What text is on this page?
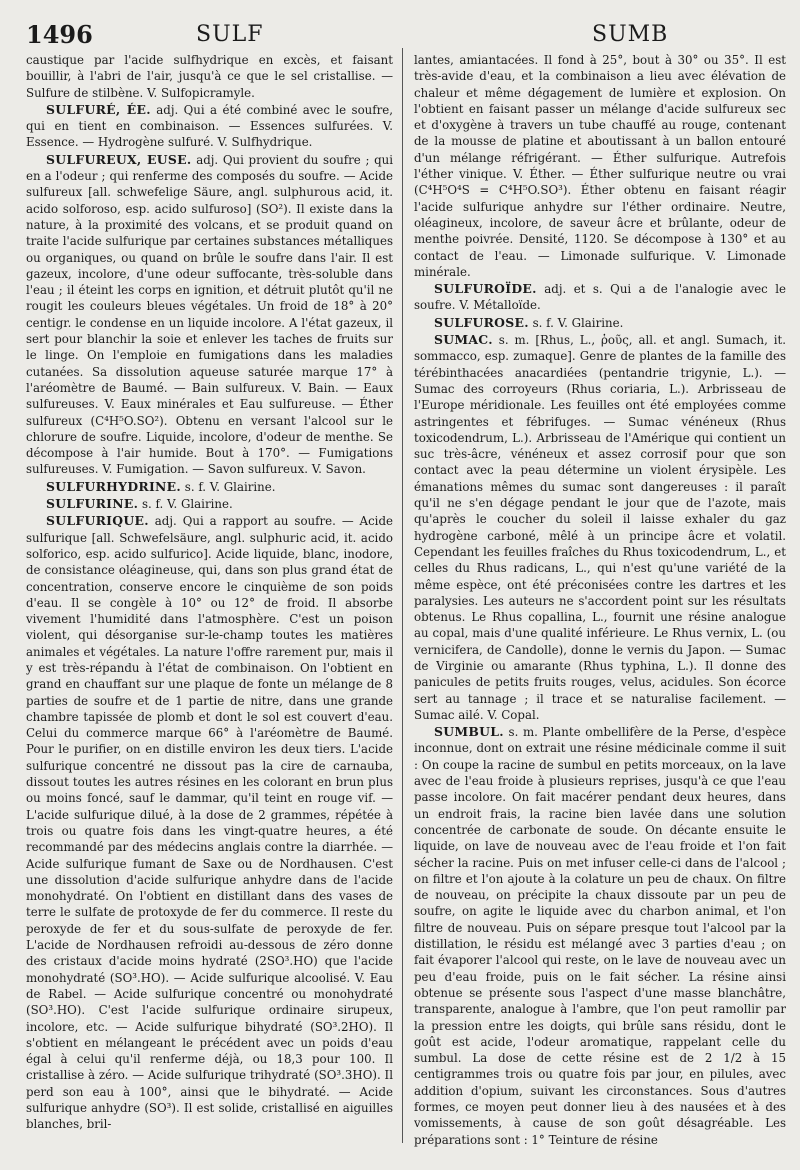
1496	SULF	SUMB

caustique par l'acide sulfhydrique en excès, et faisant bouillir, à l'abri de l'air, jusqu'à ce que le sel cristallise. — Sulfure de stilbène. V. Sulfopicramyle.

SULFURÉ, ÉE. adj. Qui a été combiné avec le soufre, qui en tient en combinaison. — Essences sulfurées. V. Essence. — Hydrogène sulfuré. V. Sulfhydrique.

SULFUREUX, EUSE. adj. Qui provient du soufre ; qui en a l'odeur ; qui renferme des composés du soufre. — Acide sulfureux [all. schwefelige Säure, angl. sulphurous acid, it. acido solforoso, esp. acido sulfuroso] (SO²). Il existe dans la nature, à la proximité des volcans, et se produit quand on traite l'acide sulfurique par certaines substances métalliques ou organiques, ou quand on brûle le soufre dans l'air. Il est gazeux, incolore, d'une odeur suffocante, très-soluble dans l'eau ; il éteint les corps en ignition, et détruit plutôt qu'il ne rougit les couleurs bleues végétales. Un froid de 18° à 20° centigr. le condense en un liquide incolore. A l'état gazeux, il sert pour blanchir la soie et enlever les taches de fruits sur le linge. On l'emploie en fumigations dans les maladies cutanées. Sa dissolution aqueuse saturée marque 17° à l'aréomètre de Baumé. — Bain sulfureux. V. Bain. — Eaux sulfureuses. V. Eaux minérales et Eau sulfureuse. — Éther sulfureux (C⁴H⁵O.SO²). Obtenu en versant l'alcool sur le chlorure de soufre. Liquide, incolore, d'odeur de menthe. Se décompose à l'air humide. Bout à 170°. — Fumigations sulfureuses. V. Fumigation. — Savon sulfureux. V. Savon.

SULFURHYDRINE. s. f. V. Glairine.

SULFURINE. s. f. V. Glairine.

SULFURIQUE. adj. Qui a rapport au soufre. — Acide sulfurique [all. Schwefelsäure, angl. sulphuric acid, it. acido solforico, esp. acido sulfurico]. Acide liquide, blanc, inodore, de consistance oléagineuse, qui, dans son plus grand état de concentration, conserve encore le cinquième de son poids d'eau. Il se congèle à 10° ou 12° de froid. Il absorbe vivement l'humidité dans l'atmosphère. C'est un poison violent, qui désorganise sur-le-champ toutes les matières animales et végétales. La nature l'offre rarement pur, mais il y est très-répandu à l'état de combinaison. On l'obtient en grand en chauffant sur une plaque de fonte un mélange de 8 parties de soufre et de 1 partie de nitre, dans une grande chambre tapissée de plomb et dont le sol est couvert d'eau. Celui du commerce marque 66° à l'aréomètre de Baumé. Pour le purifier, on en distille environ les deux tiers. L'acide sulfurique concentré ne dissout pas la cire de carnauba, dissout toutes les autres résines en les colorant en brun plus ou moins foncé, sauf le dammar, qu'il teint en rouge vif. — L'acide sulfurique dilué, à la dose de 2 grammes, répétée à trois ou quatre fois dans les vingt-quatre heures, a été recommandé par des médecins anglais contre la diarrhée. — Acide sulfurique fumant de Saxe ou de Nordhausen. C'est une dissolution d'acide sulfurique anhydre dans de l'acide monohydraté. On l'obtient en distillant dans des vases de terre le sulfate de protoxyde de fer du commerce. Il reste du peroxyde de fer et du sous-sulfate de peroxyde de fer. L'acide de Nordhausen refroidi au-dessous de zéro donne des cristaux d'acide moins hydraté (2SO³.HO) que l'acide monohydraté (SO³.HO). — Acide sulfurique alcoolisé. V. Eau de Rabel. — Acide sulfurique concentré ou monohydraté (SO³.HO). C'est l'acide sulfurique ordinaire sirupeux, incolore, etc. — Acide sulfurique bihydraté (SO³.2HO). Il s'obtient en mélangeant le précédent avec un poids d'eau égal à celui qu'il renferme déjà, ou 18,3 pour 100. Il cristallise à zéro. — Acide sulfurique trihydraté (SO³.3HO). Il perd son eau à 100°, ainsi que le bihydraté. — Acide sulfurique anhydre (SO³). Il est solide, cristallisé en aiguilles blanches, bril-

lantes, amiantacées. Il fond à 25°, bout à 30° ou 35°. Il est très-avide d'eau, et la combinaison a lieu avec élévation de chaleur et même dégagement de lumière et explosion. On l'obtient en faisant passer un mélange d'acide sulfureux sec et d'oxygène à travers un tube chauffé au rouge, contenant de la mousse de platine et aboutissant à un ballon entouré d'un mélange réfrigérant. — Éther sulfurique. Autrefois l'éther vinique. V. Éther. — Éther sulfurique neutre ou vrai (C⁴H⁵O⁴S = C⁴H⁵O.SO³). Éther obtenu en faisant réagir l'acide sulfurique anhydre sur l'éther ordinaire. Neutre, oléagineux, incolore, de saveur âcre et brûlante, odeur de menthe poivrée. Densité, 1120. Se décompose à 130° et au contact de l'eau. — Limonade sulfurique. V. Limonade minérale.

SULFUROÏDE. adj. et s. Qui a de l'analogie avec le soufre. V. Métalloïde.

SULFUROSE. s. f. V. Glairine.

SUMAC. s. m. [Rhus, L., ῥοῦς, all. et angl. Sumach, it. sommacco, esp. zumaque]. Genre de plantes de la famille des térébinthacées anacardiées (pentandrie trigynie, L.). — Sumac des corroyeurs (Rhus coriaria, L.). Arbrisseau de l'Europe méridionale. Les feuilles ont été employées comme astringentes et fébrifuges. — Sumac vénéneux (Rhus toxicodendrum, L.). Arbrisseau de l'Amérique qui contient un suc très-âcre, vénéneux et assez corrosif pour que son contact avec la peau détermine un violent érysipèle. Les émanations mêmes du sumac sont dangereuses : il paraît qu'il ne s'en dégage pendant le jour que de l'azote, mais qu'après le coucher du soleil il laisse exhaler du gaz hydrogène carboné, mêlé à un principe âcre et volatil. Cependant les feuilles fraîches du Rhus toxicodendrum, L., et celles du Rhus radicans, L., qui n'est qu'une variété de la même espèce, ont été préconisées contre les dartres et les paralysies. Les auteurs ne s'accordent point sur les résultats obtenus. Le Rhus copallina, L., fournit une résine analogue au copal, mais d'une qualité inférieure. Le Rhus vernix, L. (ou vernicifera, de Candolle), donne le vernis du Japon. — Sumac de Virginie ou amarante (Rhus typhina, L.). Il donne des panicules de petits fruits rouges, velus, acidules. Son écorce sert au tannage ; il trace et se naturalise facilement. — Sumac ailé. V. Copal.

SUMBUL. s. m. Plante ombellifère de la Perse, d'espèce inconnue, dont on extrait une résine médicinale comme il suit : On coupe la racine de sumbul en petits morceaux, on la lave avec de l'eau froide à plusieurs reprises, jusqu'à ce que l'eau passe incolore. On fait macérer pendant deux heures, dans un endroit frais, la racine bien lavée dans une solution concentrée de carbonate de soude. On décante ensuite le liquide, on lave de nouveau avec de l'eau froide et l'on fait sécher la racine. Puis on met infuser celle-ci dans de l'alcool ; on filtre et l'on ajoute à la colature un peu de chaux. On filtre de nouveau, on précipite la chaux dissoute par un peu de soufre, on agite le liquide avec du charbon animal, et l'on filtre de nouveau. Puis on sépare presque tout l'alcool par la distillation, le résidu est mélangé avec 3 parties d'eau ; on fait évaporer l'alcool qui reste, on le lave de nouveau avec un peu d'eau froide, puis on le fait sécher. La résine ainsi obtenue se présente sous l'aspect d'une masse blanchâtre, transparente, analogue à l'ambre, que l'on peut ramollir par la pression entre les doigts, qui brûle sans résidu, dont le goût est acide, l'odeur aromatique, rappelant celle du sumbul. La dose de cette résine est de 2 1/2 à 15 centigrammes trois ou quatre fois par jour, en pilules, avec addition d'opium, suivant les circonstances. Sous d'autres formes, ce moyen peut donner lieu à des nausées et à des vomissements, à cause de son goût désagréable. Les préparations sont : 1° Teinture de résine
